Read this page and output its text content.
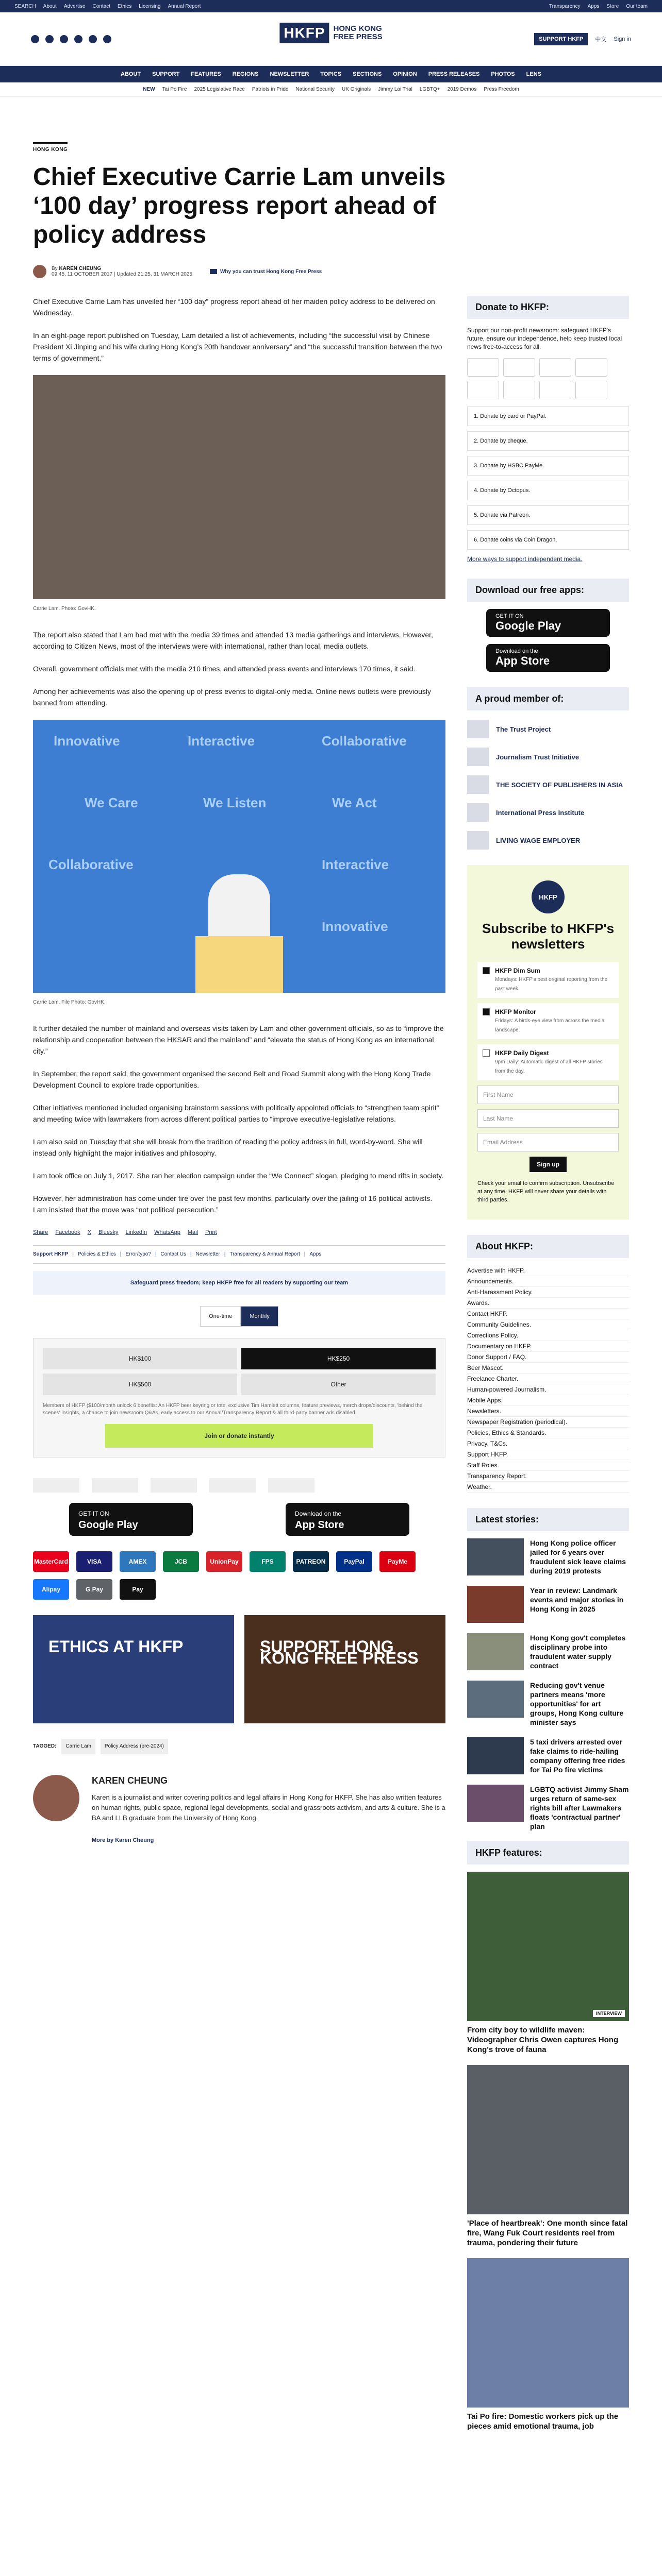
SEARCH About Advertise Contact Ethics Licensing Annual Report	Transparency Apps Store Our team
HKFP	HONG KONG
FREE PRESS	SUPPORT HKFP	中文 Sign in
ABOUT SUPPORT FEATURES REGIONS NEWSLETTER TOPICS SECTIONS OPINION PRESS RELEASES PHOTOS LENS
NEW Tai Po Fire 2025 Legislative Race Patriots in Pride National Security UK Originals Jimmy Lai Trial LGBTQ+ 2019 Demos Press Freedom
HONG KONG
Chief Executive Carrie Lam unveils ‘100 day’ progress report ahead of policy address
By KAREN CHEUNG
09:45, 11 OCTOBER 2017 | Updated 21:25, 31 MARCH 2025	Why you can trust Hong Kong Free Press

Chief Executive Carrie Lam has unveiled her “100 day” progress report ahead of her maiden policy address to be delivered on Wednesday.

In an eight-page report published on Tuesday, Lam detailed a list of achievements, including “the successful visit by Chinese President Xi Jinping and his wife during Hong Kong’s 20th handover anniversary” and “the successful transition between the two terms of government.”

Carrie Lam. Photo: GovHK.

The report also stated that Lam had met with the media 39 times and attended 13 media gatherings and interviews. However, according to Citizen News, most of the interviews were with international, rather than local, media outlets.

Overall, government officials met with the media 210 times, and attended press events and interviews 170 times, it said.

Among her achievements was also the opening up of press events to digital-only media. Online news outlets were previously banned from attending.

Innovative	Interactive	Collaborative
We Care	We Listen	We Act
Collaborative	Interactive
Innovative
Carrie Lam. File Photo: GovHK.

It further detailed the number of mainland and overseas visits taken by Lam and other government officials, so as to “improve the relationship and cooperation between the HKSAR and the mainland” and “elevate the status of Hong Kong as an international city.”

In September, the report said, the government organised the second Belt and Road Summit along with the Hong Kong Trade Development Council to explore trade opportunities.

Other initiatives mentioned included organising brainstorm sessions with politically appointed officials to “strengthen team spirit” and meeting twice with lawmakers from across different political parties to “improve executive-legislative relations.

Lam also said on Tuesday that she will break from the tradition of reading the policy address in full, word-by-word. She will instead only highlight the major initiatives and philosophy.

Lam took office on July 1, 2017. She ran her election campaign under the “We Connect” slogan, pledging to mend rifts in society.

However, her administration has come under fire over the past few months, particularly over the jailing of 16 political activists. Lam insisted that the move was “not political persecution.”

Share Facebook X Bluesky LinkedIn WhatsApp Mail Print
Support HKFP | Policies & Ethics | Error/typo? | Contact Us | Newsletter | Transparency & Annual Report | Apps
Safeguard press freedom; keep HKFP free for all readers by supporting our team
One-time	Monthly
HK$100	HK$250
HK$500	Other
Members of HKFP ($100/month unlock 6 benefits: An HKFP beer keyring or tote, exclusive Tim Hamlett columns, feature previews, merch drops/discounts, 'behind the scenes' insights, a chance to join newsroom Q&As, early access to our Annual/Transparency Report & all third-party banner ads disabled.
Join or donate instantly
GET IT ON
Google Play
Download on the
App Store
MasterCard	VISA	AMEX	JCB	UnionPay	FPS	PATREON	PayPal	PayMe
Alipay	G Pay	Pay
ETHICS AT HKFP	SUPPORT HONG KONG FREE PRESS
TAGGED:	Carrie Lam	Policy Address (pre-2024)
KAREN CHEUNG

Karen is a journalist and writer covering politics and legal affairs in Hong Kong for HKFP. She has also written features on human rights, public space, regional legal developments, social and grassroots activism, and arts & culture. She is a BA and LLB graduate from the University of Hong Kong.

More by Karen Cheung
Donate to HKFP:

Support our non-profit newsroom: safeguard HKFP's future, ensure our independence, help keep trusted local news free-to-access for all.

1. Donate by card or PayPal.
2. Donate by cheque.
3. Donate by HSBC PayMe.
4. Donate by Octopus.
5. Donate via Patreon.
6. Donate coins via Coin Dragon.

More ways to support independent media.

Download our free apps:
GET IT ON
Google Play
Download on the
App Store
A proud member of:
The Trust Project
Journalism Trust Initiative
THE SOCIETY OF PUBLISHERS IN ASIA
International Press Institute
LIVING WAGE EMPLOYER
HKFP
Subscribe to HKFP's newsletters
HKFP Dim Sum
Mondays: HKFP's best original reporting from the past week.
HKFP Monitor
Fridays: A birds-eye view from across the media landscape.
HKFP Daily Digest
9pm Daily: Automatic digest of all HKFP stories from the day.
First Name
Last Name
Email Address
Sign up

Check your email to confirm subscription. Unsubscribe at any time. HKFP will never share your details with third parties.

About HKFP:
Advertise with HKFP.
Announcements.
Anti-Harassment Policy.
Awards.
Contact HKFP.
Community Guidelines.
Corrections Policy.
Documentary on HKFP.
Donor Support / FAQ.
Beer Mascot.
Freelance Charter.
Human-powered Journalism.
Mobile Apps.
Newsletters.
Newspaper Registration (periodical).
Policies, Ethics & Standards.
Privacy, T&Cs.
Support HKFP.
Staff Roles.
Transparency Report.
Weather.
Latest stories:
Hong Kong police officer jailed for 6 years over fraudulent sick leave claims during 2019 protests
Year in review: Landmark events and major stories in Hong Kong in 2025
Hong Kong gov't completes disciplinary probe into fraudulent water supply contract
Reducing gov't venue partners means 'more opportunities' for art groups, Hong Kong culture minister says
5 taxi drivers arrested over fake claims to ride-hailing company offering free rides for Tai Po fire victims
LGBTQ activist Jimmy Sham urges return of same-sex rights bill after Lawmakers floats 'contractual partner' plan
HKFP features:
INTERVIEW
From city boy to wildlife maven: Videographer Chris Owen captures Hong Kong's trove of fauna
'Place of heartbreak': One month since fatal fire, Wang Fuk Court residents reel from trauma, pondering their future
Tai Po fire: Domestic workers pick up the pieces amid emotional trauma, job
